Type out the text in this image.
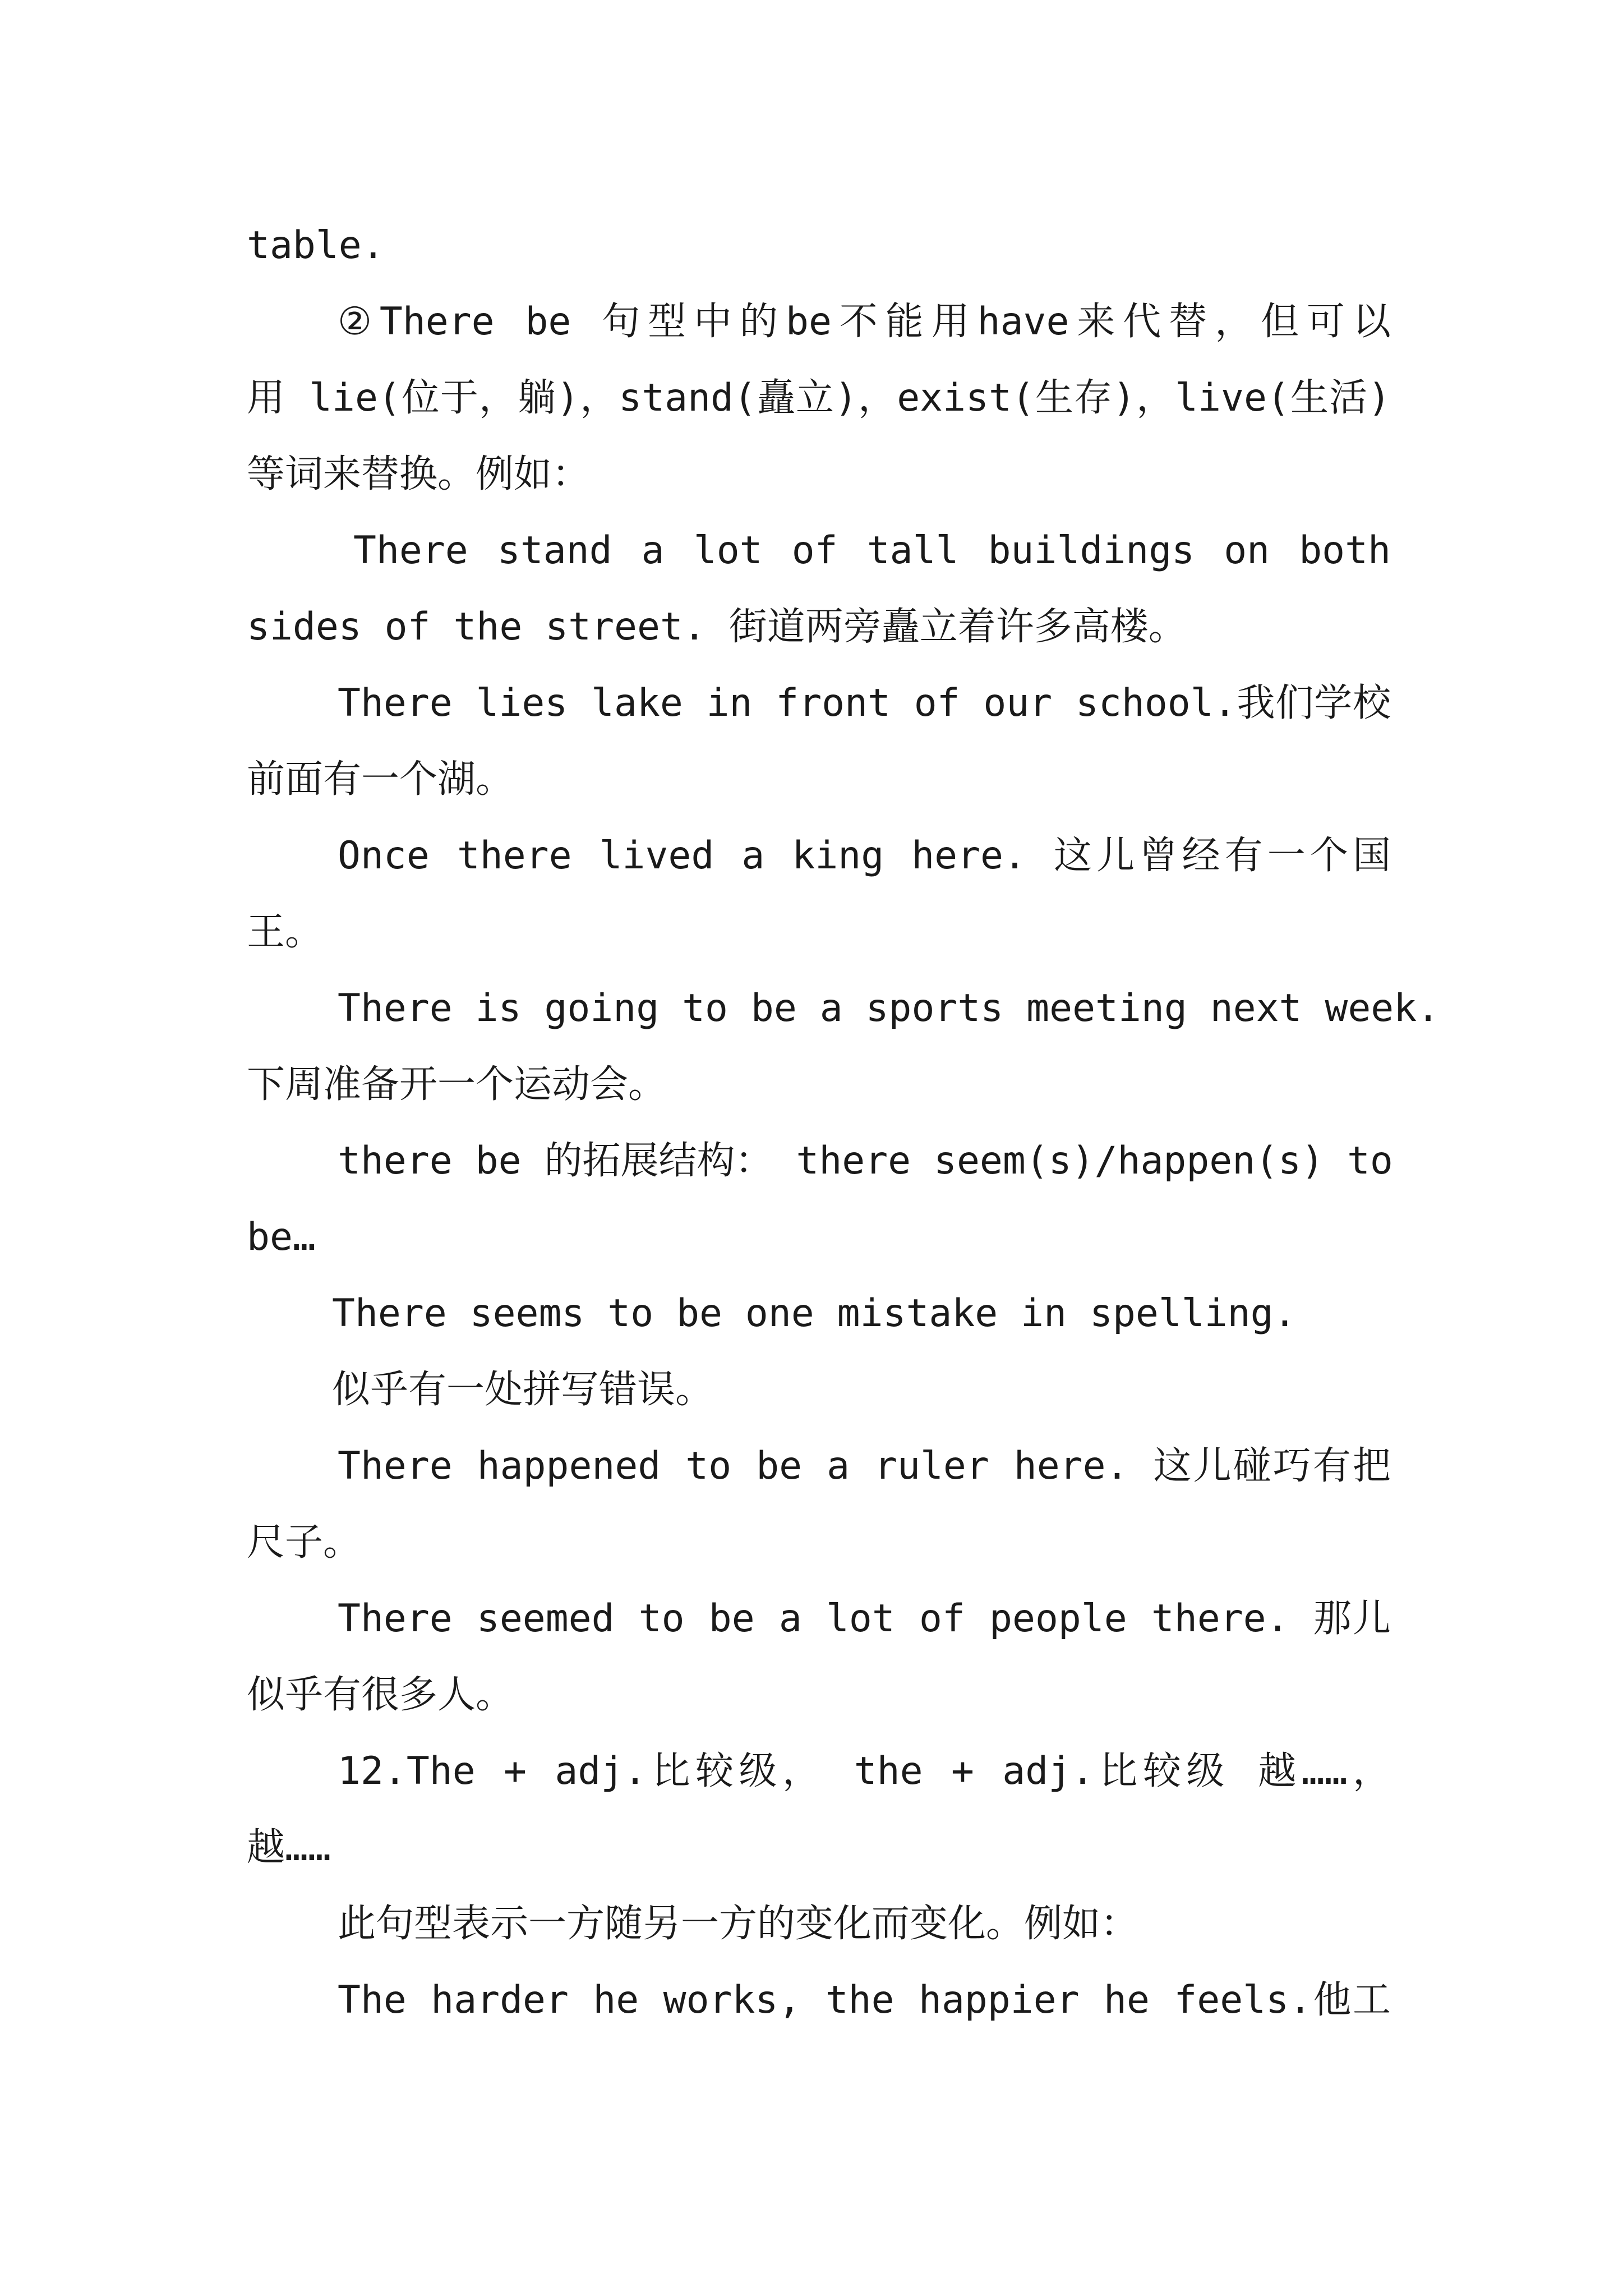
table.
②There be 句型中的be不能用have来代替，但可以
用 lie(位于，躺)，stand(矗立)，exist(生存)，live(生活)
等词来替换。例如：
There stand a lot of tall buildings on both
sides of the street. 街道两旁矗立着许多高楼。
There lies lake in front of our school.我们学校
前面有一个湖。
Once there lived a king here. 这儿曾经有一个国
王。
There is going to be a sports meeting next week.
下周准备开一个运动会。
there be 的拓展结构： there seem(s)/happen(s) to
be…
There seems to be one mistake in spelling.
似乎有一处拼写错误。
There happened to be a ruler here. 这儿碰巧有把
尺子。
There seemed to be a lot of people there. 那儿
似乎有很多人。
12.The + adj.比较级， the + adj.比较级 越……，
越……
此句型表示一方随另一方的变化而变化。例如：
The harder he works, the happier he feels.他工
